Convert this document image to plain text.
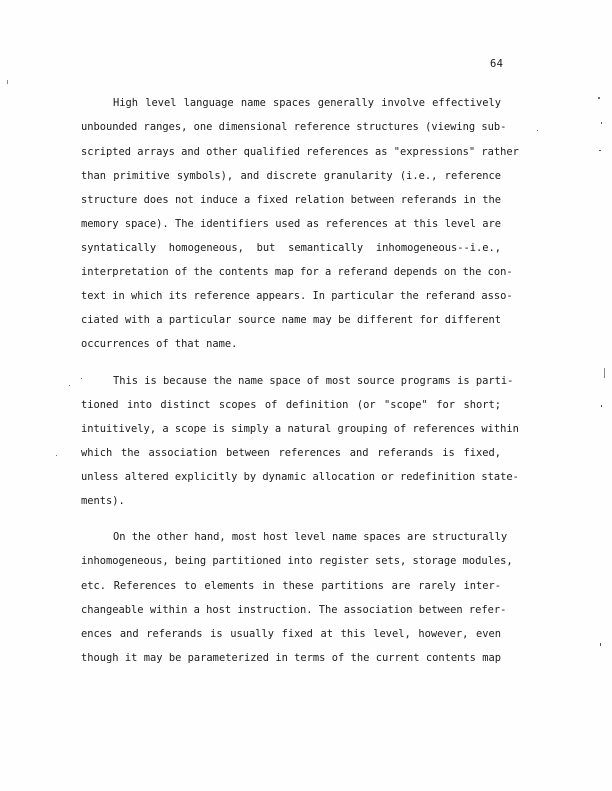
64
High level language name spaces generally involve effectively
unbounded ranges, one dimensional reference structures (viewing sub-
scripted arrays and other qualified references as "expressions" rather
than primitive symbols), and discrete granularity (i.e., reference
structure does not induce a fixed relation between referands in the
memory space). The identifiers used as references at this level are
syntatically homogeneous, but semantically inhomogeneous--i.e.,
interpretation of the contents map for a referand depends on the con-
text in which its reference appears. In particular the referand asso-
ciated with a particular source name may be different for different
occurrences of that name.
This is because the name space of most source programs is parti-
tioned into distinct scopes of definition (or "scope" for short;
intuitively, a scope is simply a natural grouping of references within
which the association between references and referands is fixed,
unless altered explicitly by dynamic allocation or redefinition state-
ments).
On the other hand, most host level name spaces are structurally
inhomogeneous, being partitioned into register sets, storage modules,
etc. References to elements in these partitions are rarely inter-
changeable within a host instruction. The association between refer-
ences and referands is usually fixed at this level, however, even
though it may be parameterized in terms of the current contents map
